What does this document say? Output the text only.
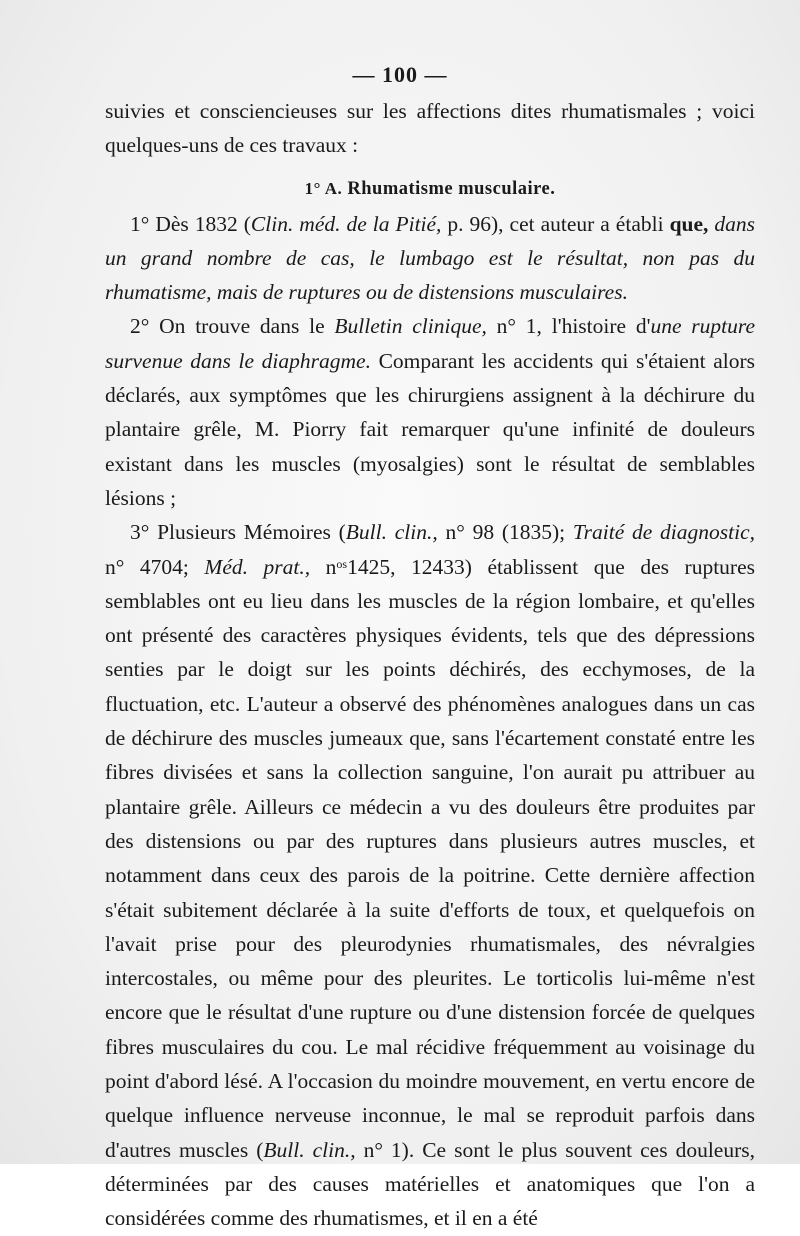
— 100 —

suivies et consciencieuses sur les affections dites rhumatismales ; voici quelques-uns de ces travaux :

1° A. Rhumatisme musculaire.

1° Dès 1832 (Clin. méd. de la Pitié, p. 96), cet auteur a établi que, dans un grand nombre de cas, le lumbago est le résultat, non pas du rhumatisme, mais de ruptures ou de distensions musculaires.

2° On trouve dans le Bulletin clinique, n° 1, l'histoire d'une rupture survenue dans le diaphragme. Comparant les accidents qui s'étaient alors déclarés, aux symptômes que les chirurgiens assignent à la déchirure du plantaire grêle, M. Piorry fait remarquer qu'une infinité de douleurs existant dans les muscles (myosalgies) sont le résultat de semblables lésions ;

3° Plusieurs Mémoires (Bull. clin., n° 98 (1835); Traité de diagnostic, n° 4704; Méd. prat., $n^{os}1425$, 12433) établissent que des ruptures semblables ont eu lieu dans les muscles de la région lombaire, et qu'elles ont présenté des caractères physiques évidents, tels que des dépressions senties par le doigt sur les points déchirés, des ecchymoses, de la fluctuation, etc. L'auteur a observé des phénomènes analogues dans un cas de déchirure des muscles jumeaux que, sans l'écartement constaté entre les fibres divisées et sans la collection sanguine, l'on aurait pu attribuer au plantaire grêle. Ailleurs ce médecin a vu des douleurs être produites par des distensions ou par des ruptures dans plusieurs autres muscles, et notamment dans ceux des parois de la poitrine. Cette dernière affection s'était subitement déclarée à la suite d'efforts de toux, et quelquefois on l'avait prise pour des pleurodynies rhumatismales, des névralgies intercostales, ou même pour des pleurites. Le torticolis lui-même n'est encore que le résultat d'une rupture ou d'une distension forcée de quelques fibres musculaires du cou. Le mal récidive fréquemment au voisinage du point d'abord lésé. A l'occasion du moindre mouvement, en vertu encore de quelque influence nerveuse inconnue, le mal se reproduit parfois dans d'autres muscles (Bull. clin., n° 1). Ce sont le plus souvent ces douleurs, déterminées par des causes matérielles et anatomiques que l'on a considérées comme des rhumatismes, et il en a été
